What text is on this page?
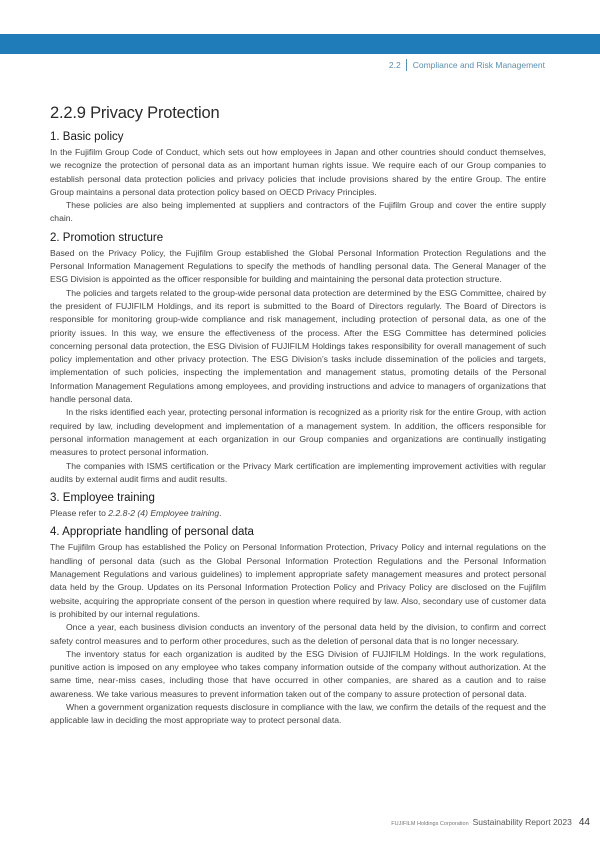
2.2	Compliance and Risk Management
2.2.9 Privacy Protection
1. Basic policy

In the Fujifilm Group Code of Conduct, which sets out how employees in Japan and other countries should conduct themselves, we recognize the protection of personal data as an important human rights issue. We require each of our Group companies to establish personal data protection policies and privacy policies that include provisions shared by the entire Group. The entire Group maintains a personal data protection policy based on OECD Privacy Principles.

These policies are also being implemented at suppliers and contractors of the Fujifilm Group and cover the entire supply chain.

2. Promotion structure

Based on the Privacy Policy, the Fujifilm Group established the Global Personal Information Protection Regulations and the Personal Information Management Regulations to specify the methods of handling personal data. The General Manager of the ESG Division is appointed as the officer responsible for building and maintaining the personal data protection structure.

The policies and targets related to the group-wide personal data protection are determined by the ESG Committee, chaired by the president of FUJIFILM Holdings, and its report is submitted to the Board of Directors regularly. The Board of Directors is responsible for monitoring group-wide compliance and risk management, including protection of personal data, as one of the priority issues. In this way, we ensure the effectiveness of the process. After the ESG Committee has determined policies concerning personal data protection, the ESG Division of FUJIFILM Holdings takes responsibility for overall management of such policy implementation and other privacy protection. The ESG Division’s tasks include dissemination of the policies and targets, implementation of such policies, inspecting the implementation and management status, promoting details of the Personal Information Management Regulations among employees, and providing instructions and advice to managers of organizations that handle personal data.

In the risks identified each year, protecting personal information is recognized as a priority risk for the entire Group, with action required by law, including development and implementation of a management system. In addition, the officers responsible for personal information management at each organization in our Group companies and organizations are continually instigating measures to protect personal information.

The companies with ISMS certification or the Privacy Mark certification are implementing improvement activities with regular audits by external audit firms and audit results.

3. Employee training

Please refer to 2.2.8-2 (4) Employee training.

4. Appropriate handling of personal data

The Fujifilm Group has established the Policy on Personal Information Protection, Privacy Policy and internal regulations on the handling of personal data (such as the Global Personal Information Protection Regulations and the Personal Information Management Regulations and various guidelines) to implement appropriate safety management measures and protect personal data held by the Group. Updates on its Personal Information Protection Policy and Privacy Policy are disclosed on the Fujifilm website, acquiring the appropriate consent of the person in question where required by law. Also, secondary use of customer data is prohibited by our internal regulations.

Once a year, each business division conducts an inventory of the personal data held by the division, to confirm and correct safety control measures and to perform other procedures, such as the deletion of personal data that is no longer necessary.

The inventory status for each organization is audited by the ESG Division of FUJIFILM Holdings. In the work regulations, punitive action is imposed on any employee who takes company information outside of the company without authorization. At the same time, near-miss cases, including those that have occurred in other companies, are shared as a caution and to raise awareness. We take various measures to prevent information taken out of the company to assure protection of personal data.

When a government organization requests disclosure in compliance with the law, we confirm the details of the request and the applicable law in deciding the most appropriate way to protect personal data.

FUJIFILM Holdings Corporation Sustainability Report 2023 44
